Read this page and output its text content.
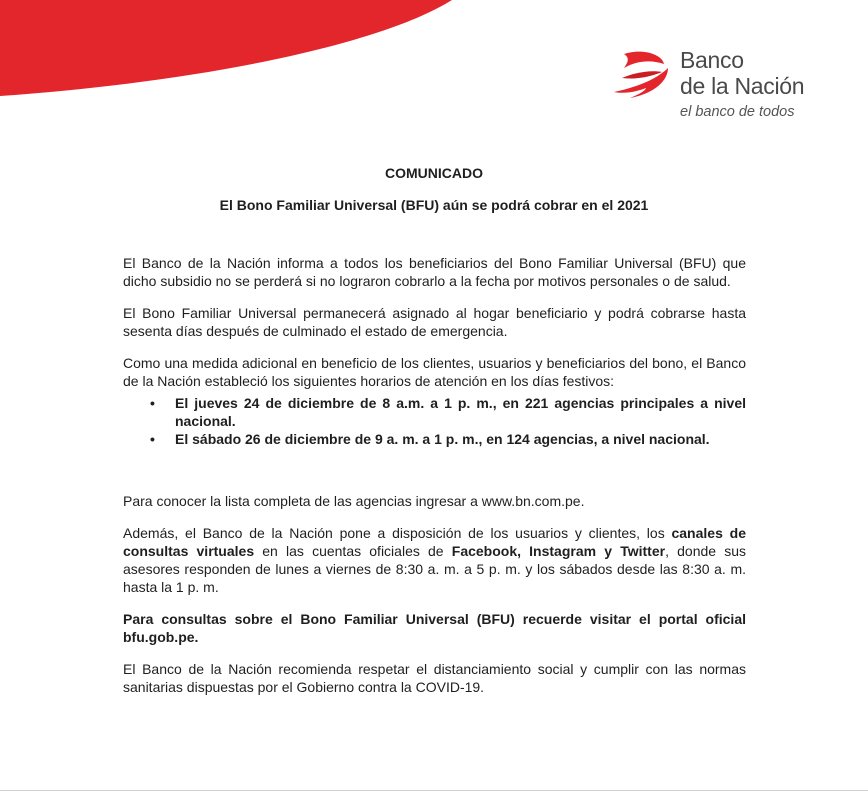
Banco
de la Nación
el banco de todos
COMUNICADO
El Bono Familiar Universal (BFU) aún se podrá cobrar en el 2021

El Banco de la Nación informa a todos los beneficiarios del Bono Familiar Universal (BFU) que dicho subsidio no se perderá si no lograron cobrarlo a la fecha por motivos personales o de salud.

El Bono Familiar Universal permanecerá asignado al hogar beneficiario y podrá cobrarse hasta sesenta días después de culminado el estado de emergencia.

Como una medida adicional en beneficio de los clientes, usuarios y beneficiarios del bono, el Banco de la Nación estableció los siguientes horarios de atención en los días festivos:

• El jueves 24 de diciembre de 8 a.m. a 1 p. m., en 221 agencias principales a nivel nacional.
• El sábado 26 de diciembre de 9 a. m. a 1 p. m., en 124 agencias, a nivel nacional.

Para conocer la lista completa de las agencias ingresar a www.bn.com.pe.

Además, el Banco de la Nación pone a disposición de los usuarios y clientes, los canales de consultas virtuales en las cuentas oficiales de Facebook, Instagram y Twitter, donde sus asesores responden de lunes a viernes de 8:30 a. m. a 5 p. m. y los sábados desde las 8:30 a. m. hasta la 1 p. m.

Para consultas sobre el Bono Familiar Universal (BFU) recuerde visitar el portal oficial bfu.gob.pe.

El Banco de la Nación recomienda respetar el distanciamiento social y cumplir con las normas sanitarias dispuestas por el Gobierno contra la COVID-19.
